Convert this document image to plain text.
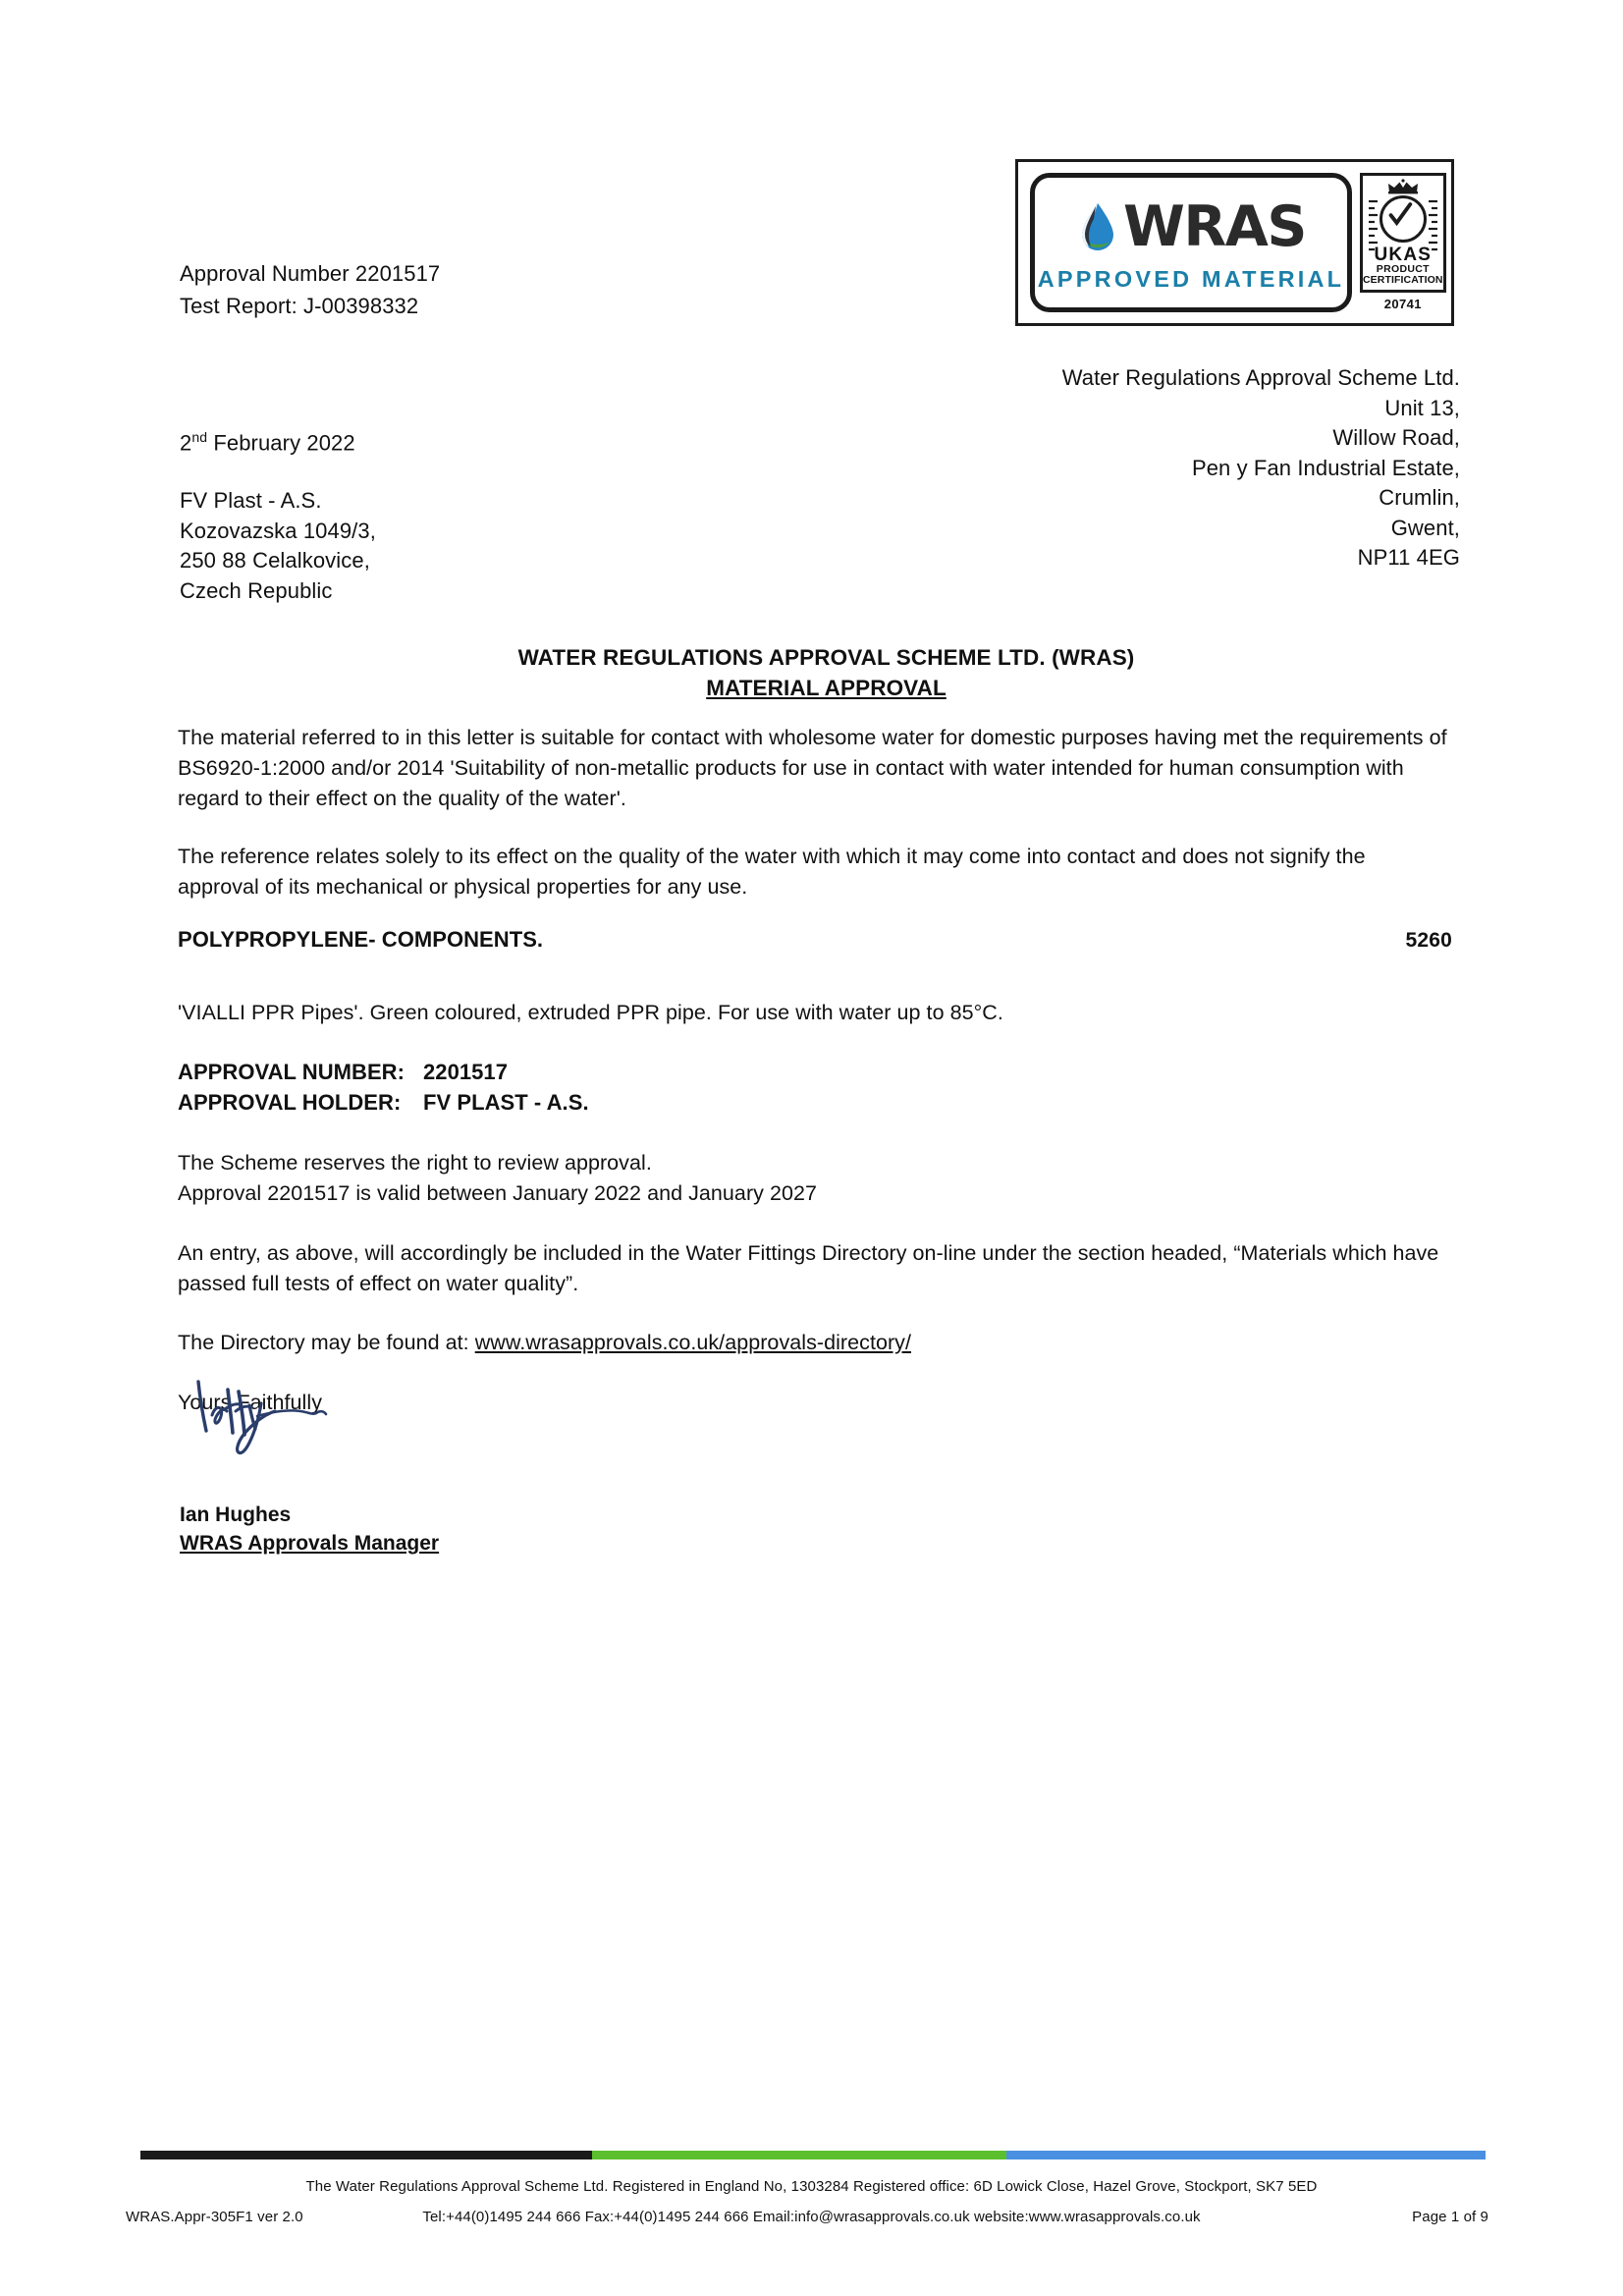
Approval Number 2201517
Test Report: J-00398332
WRAS
APPROVED MATERIAL
UKAS
PRODUCT
CERTIFICATION
20741
Water Regulations Approval Scheme Ltd.
Unit 13,
Willow Road,
Pen y Fan Industrial Estate,
Crumlin,
Gwent,
NP11 4EG
2nd February 2022
FV Plast - A.S.
Kozovazska 1049/3,
250 88 Celalkovice,
Czech Republic
WATER REGULATIONS APPROVAL SCHEME LTD. (WRAS)
MATERIAL APPROVAL

The material referred to in this letter is suitable for contact with wholesome water for domestic purposes having met the requirements of BS6920-1:2000 and/or 2014 'Suitability of non-metallic products for use in contact with water intended for human consumption with regard to their effect on the quality of the water'.

The reference relates solely to its effect on the quality of the water with which it may come into contact and does not signify the approval of its mechanical or physical properties for any use.

POLYPROPYLENE- COMPONENTS.	5260

'VIALLI PPR Pipes'. Green coloured, extruded PPR pipe. For use with water up to 85°C.

APPROVAL NUMBER: 2201517
APPROVAL HOLDER: FV PLAST - A.S.
The Scheme reserves the right to review approval.
Approval 2201517 is valid between January 2022 and January 2027

An entry, as above, will accordingly be included in the Water Fittings Directory on-line under the section headed, “Materials which have passed full tests of effect on water quality”.

The Directory may be found at: www.wrasapprovals.co.uk/approvals-directory/

Yours Faithfully

Ian Hughes
WRAS Approvals Manager
The Water Regulations Approval Scheme Ltd. Registered in England No, 1303284 Registered office: 6D Lowick Close, Hazel Grove, Stockport, SK7 5ED
Tel:+44(0)1495 244 666 Fax:+44(0)1495 244 666 Email:info@wrasapprovals.co.uk website:www.wrasapprovals.co.uk
WRAS.Appr-305F1 ver 2.0	Page 1 of 9
